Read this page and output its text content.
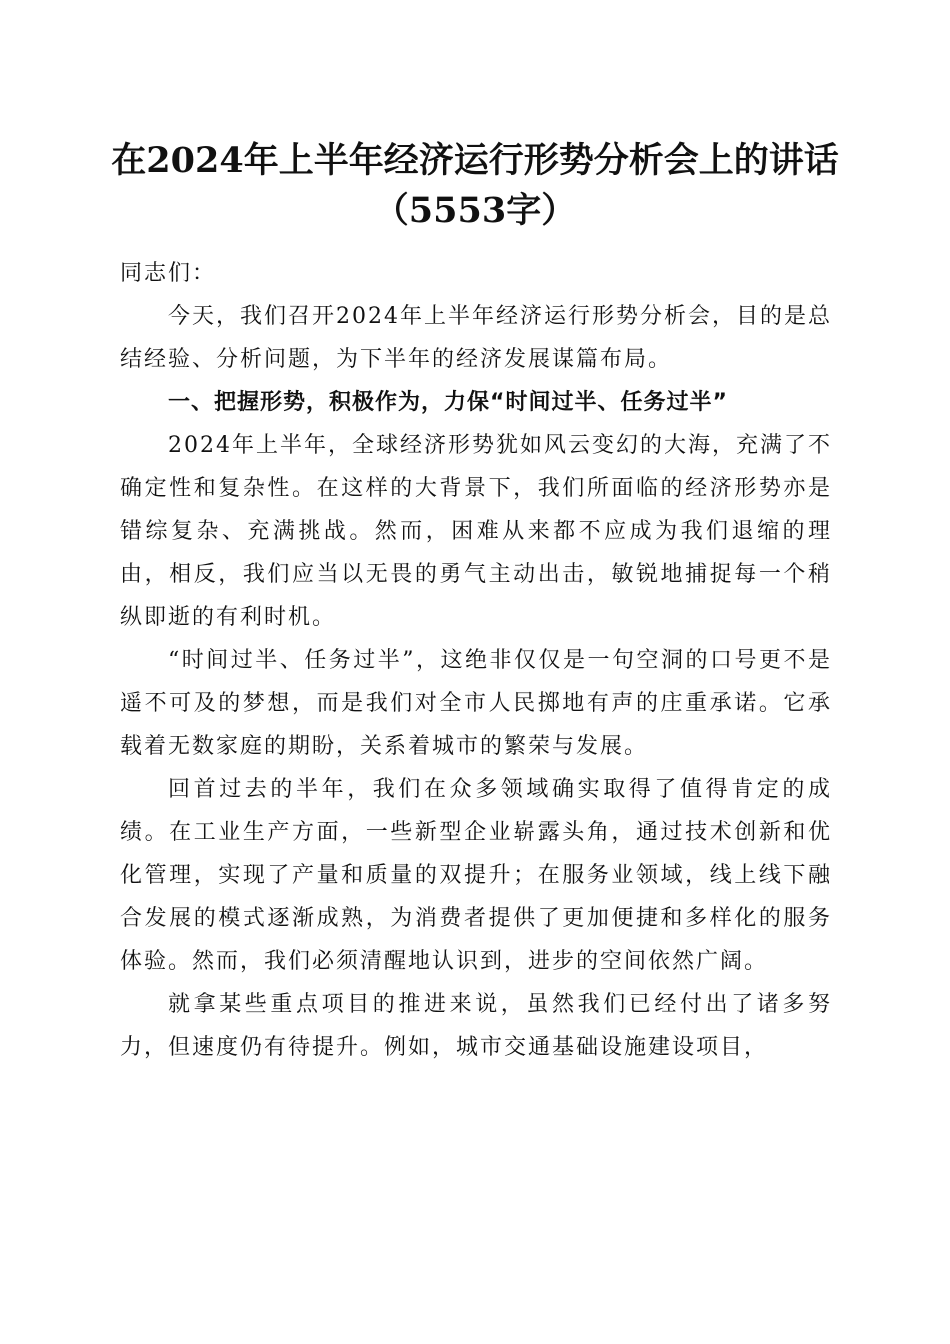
在2024年上半年经济运行形势分析会上的讲话（5553字）

同志们：

今天，我们召开2024年上半年经济运行形势分析会，目的是总结经验、分析问题，为下半年的经济发展谋篇布局。

一、把握形势，积极作为，力保“时间过半、任务过半”

2024年上半年，全球经济形势犹如风云变幻的大海，充满了不确定性和复杂性。在这样的大背景下，我们所面临的经济形势亦是错综复杂、充满挑战。然而，困难从来都不应成为我们退缩的理由，相反，我们应当以无畏的勇气主动出击，敏锐地捕捉每一个稍纵即逝的有利时机。

“时间过半、任务过半”，这绝非仅仅是一句空洞的口号更不是遥不可及的梦想，而是我们对全市人民掷地有声的庄重承诺。它承载着无数家庭的期盼，关系着城市的繁荣与发展。

回首过去的半年，我们在众多领域确实取得了值得肯定的成绩。在工业生产方面，一些新型企业崭露头角，通过技术创新和优化管理，实现了产量和质量的双提升；在服务业领域，线上线下融合发展的模式逐渐成熟，为消费者提供了更加便捷和多样化的服务体验。然而，我们必须清醒地认识到，进步的空间依然广阔。

就拿某些重点项目的推进来说，虽然我们已经付出了诸多努力，但速度仍有待提升。例如，城市交通基础设施建设项目，
